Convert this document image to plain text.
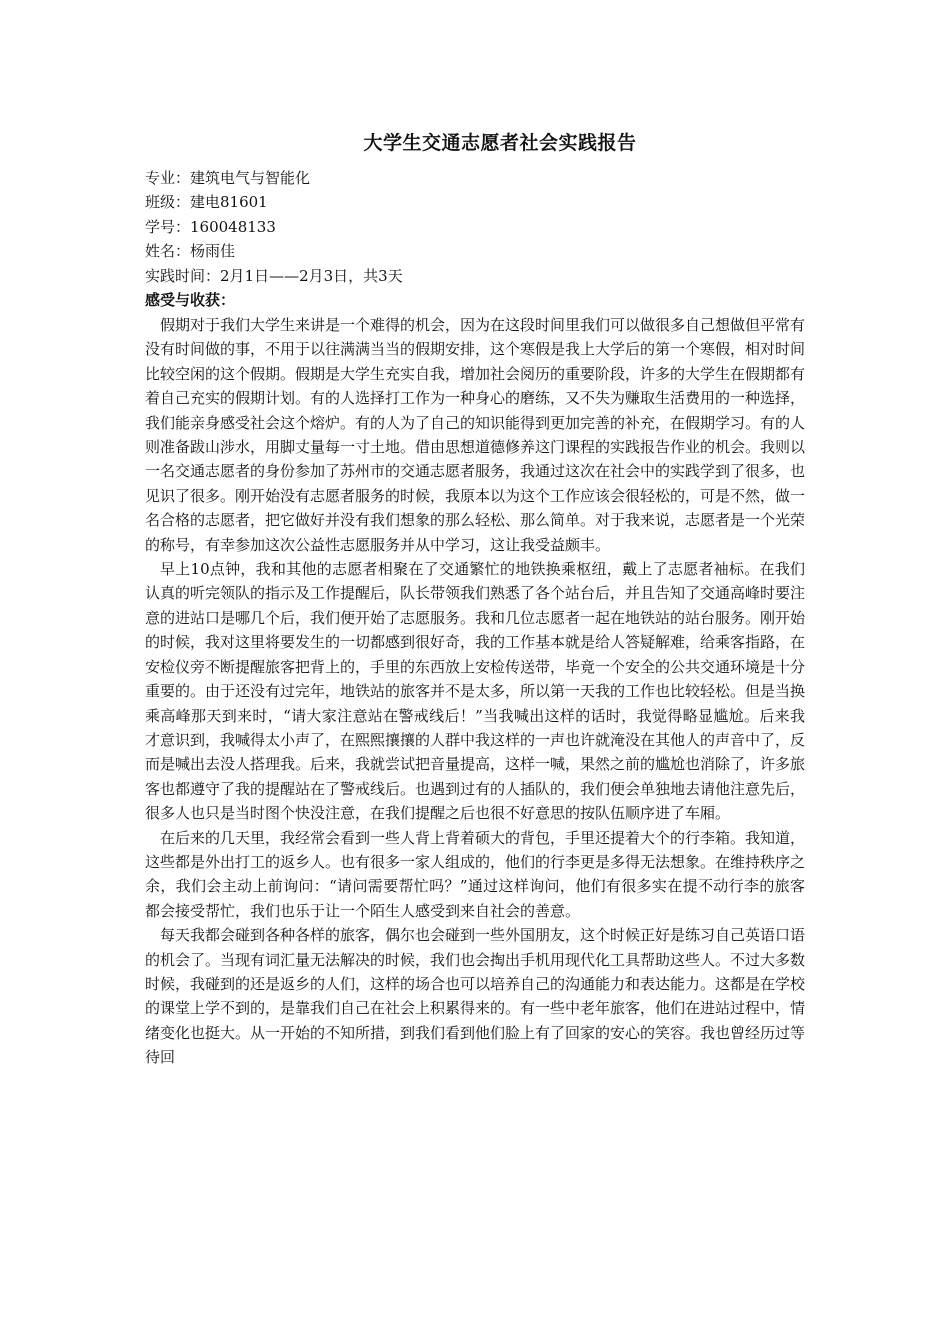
大学生交通志愿者社会实践报告
专业：建筑电气与智能化
班级：建电81601
学号：160048133
姓名：杨雨佳
实践时间：2月1日——2月3日，共3天
感受与收获：

假期对于我们大学生来讲是一个难得的机会，因为在这段时间里我们可以做很多自己想做但平常有没有时间做的事，不用于以往满满当当的假期安排，这个寒假是我上大学后的第一个寒假，相对时间比较空闲的这个假期。假期是大学生充实自我，增加社会阅历的重要阶段，许多的大学生在假期都有着自己充实的假期计划。有的人选择打工作为一种身心的磨练，又不失为赚取生活费用的一种选择，我们能亲身感受社会这个熔炉。有的人为了自己的知识能得到更加完善的补充，在假期学习。有的人则准备跋山涉水，用脚丈量每一寸土地。借由思想道德修养这门课程的实践报告作业的机会。我则以一名交通志愿者的身份参加了苏州市的交通志愿者服务，我通过这次在社会中的实践学到了很多，也见识了很多。刚开始没有志愿者服务的时候，我原本以为这个工作应该会很轻松的，可是不然，做一名合格的志愿者，把它做好并没有我们想象的那么轻松、那么简单。对于我来说，志愿者是一个光荣的称号，有幸参加这次公益性志愿服务并从中学习，这让我受益颇丰。

早上10点钟，我和其他的志愿者相聚在了交通繁忙的地铁换乘枢纽，戴上了志愿者袖标。在我们认真的听完领队的指示及工作提醒后，队长带领我们熟悉了各个站台后，并且告知了交通高峰时要注意的进站口是哪几个后，我们便开始了志愿服务。我和几位志愿者一起在地铁站的站台服务。刚开始的时候，我对这里将要发生的一切都感到很好奇，我的工作基本就是给人答疑解难，给乘客指路，在安检仪旁不断提醒旅客把背上的，手里的东西放上安检传送带，毕竟一个安全的公共交通环境是十分重要的。由于还没有过完年，地铁站的旅客并不是太多，所以第一天我的工作也比较轻松。但是当换乘高峰那天到来时，“请大家注意站在警戒线后！”当我喊出这样的话时，我觉得略显尴尬。后来我才意识到，我喊得太小声了，在熙熙攘攘的人群中我这样的一声也许就淹没在其他人的声音中了，反而是喊出去没人搭理我。后来，我就尝试把音量提高，这样一喊，果然之前的尴尬也消除了，许多旅客也都遵守了我的提醒站在了警戒线后。也遇到过有的人插队的，我们便会单独地去请他注意先后，很多人也只是当时图个快没注意，在我们提醒之后也很不好意思的按队伍顺序进了车厢。

在后来的几天里，我经常会看到一些人背上背着硕大的背包，手里还提着大个的行李箱。我知道，这些都是外出打工的返乡人。也有很多一家人组成的，他们的行李更是多得无法想象。在维持秩序之余，我们会主动上前询问：“请问需要帮忙吗？”通过这样询问，他们有很多实在提不动行李的旅客都会接受帮忙，我们也乐于让一个陌生人感受到来自社会的善意。

每天我都会碰到各种各样的旅客，偶尔也会碰到一些外国朋友，这个时候正好是练习自己英语口语的机会了。当现有词汇量无法解决的时候，我们也会掏出手机用现代化工具帮助这些人。不过大多数时候，我碰到的还是返乡的人们，这样的场合也可以培养自己的沟通能力和表达能力。这都是在学校的课堂上学不到的，是靠我们自己在社会上积累得来的。有一些中老年旅客，他们在进站过程中，情绪变化也挺大。从一开始的不知所措，到我们看到他们脸上有了回家的安心的笑容。我也曾经历过等待回
